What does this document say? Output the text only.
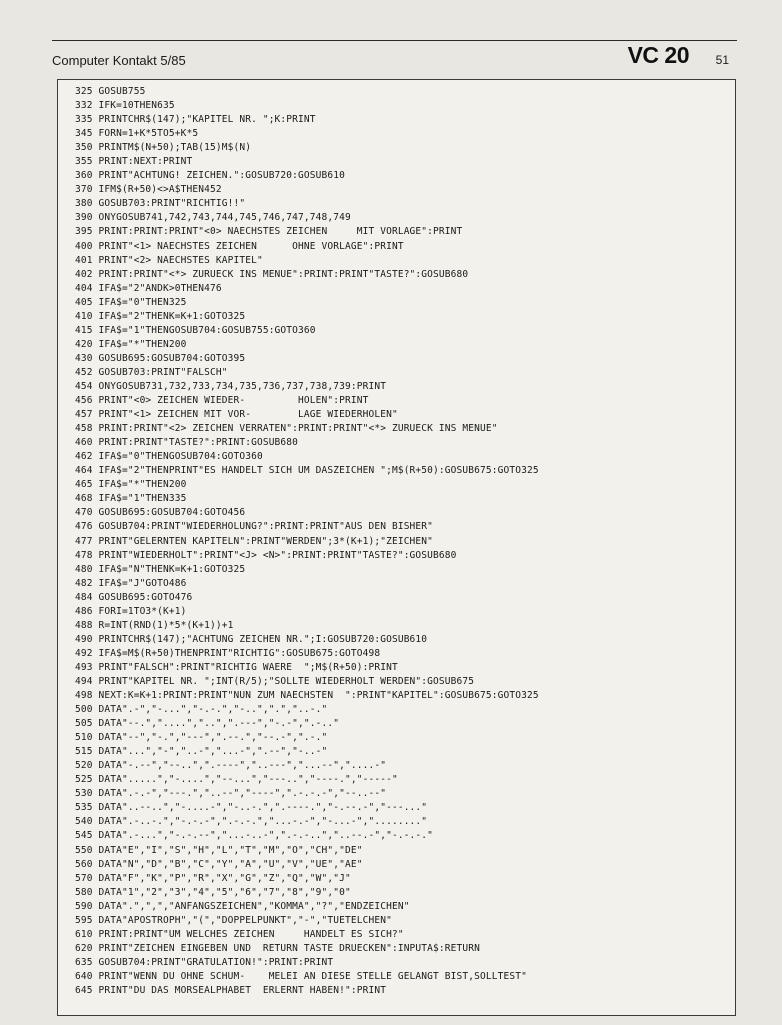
Computer Kontakt 5/85	VC 20 51
325 GOSUB755
332 IFK=10THEN635
335 PRINTCHR$(147);"KAPITEL NR. ";K:PRINT
345 FORN=1+K*5TO5+K*5
350 PRINTM$(N+50);TAB(15)M$(N)
355 PRINT:NEXT:PRINT
360 PRINT"ACHTUNG! ZEICHEN.":GOSUB720:GOSUB610
370 IFM$(R+50)<>A$THEN452
380 GOSUB703:PRINT"RICHTIG!!"
390 ONYGOSUB741,742,743,744,745,746,747,748,749
395 PRINT:PRINT:PRINT"<0> NAECHSTES ZEICHEN     MIT VORLAGE":PRINT
400 PRINT"<1> NAECHSTES ZEICHEN      OHNE VORLAGE":PRINT
401 PRINT"<2> NAECHSTES KAPITEL"
402 PRINT:PRINT"<*> ZURUECK INS MENUE":PRINT:PRINT"TASTE?":GOSUB680
404 IFA$="2"ANDK>0THEN476
405 IFA$="0"THEN325
410 IFA$="2"THENK=K+1:GOTO325
415 IFA$="1"THENGOSUB704:GOSUB755:GOTO360
420 IFA$="*"THEN200
430 GOSUB695:GOSUB704:GOTO395
452 GOSUB703:PRINT"FALSCH"
454 ONYGOSUB731,732,733,734,735,736,737,738,739:PRINT
456 PRINT"<0> ZEICHEN WIEDER-         HOLEN":PRINT
457 PRINT"<1> ZEICHEN MIT VOR-        LAGE WIEDERHOLEN"
458 PRINT:PRINT"<2> ZEICHEN VERRATEN":PRINT:PRINT"<*> ZURUECK INS MENUE"
460 PRINT:PRINT"TASTE?":PRINT:GOSUB680
462 IFA$="0"THENGOSUB704:GOTO360
464 IFA$="2"THENPRINT"ES HANDELT SICH UM DASZEICHEN ";M$(R+50):GOSUB675:GOTO325
465 IFA$="*"THEN200
468 IFA$="1"THEN335
470 GOSUB695:GOSUB704:GOTO456
476 GOSUB704:PRINT"WIEDERHOLUNG?":PRINT:PRINT"AUS DEN BISHER"
477 PRINT"GELERNTEN KAPITELN":PRINT"WERDEN";3*(K+1);"ZEICHEN"
478 PRINT"WIEDERHOLT":PRINT"<J> <N>":PRINT:PRINT"TASTE?":GOSUB680
480 IFA$="N"THENK=K+1:GOTO325
482 IFA$="J"GOTO486
484 GOSUB695:GOTO476
486 FORI=1TO3*(K+1)
488 R=INT(RND(1)*5*(K+1))+1
490 PRINTCHR$(147);"ACHTUNG ZEICHEN NR.";I:GOSUB720:GOSUB610
492 IFA$=M$(R+50)THENPRINT"RICHTIG":GOSUB675:GOTO498
493 PRINT"FALSCH":PRINT"RICHTIG WAERE  ";M$(R+50):PRINT
494 PRINT"KAPITEL NR. ";INT(R/5);"SOLLTE WIEDERHOLT WERDEN":GOSUB675
498 NEXT:K=K+1:PRINT:PRINT"NUN ZUM NAECHSTEN  ":PRINT"KAPITEL":GOSUB675:GOTO325
500 DATA".-","-...","-.-.","-..",".","..-."
505 DATA"--.","....","..",".---","-.-",".-.."
510 DATA"--","-.","---",".--.","--.-",".-."
515 DATA"...","-","..-","...-",".--","-..-"
520 DATA"-.--","--..",".----","..---","...--","....-"
525 DATA".....","-....","--...","---..","----.","-----"
530 DATA".-.-","---.","..--","----",".-.-.-","--..--"
535 DATA"..--..","-....-","-..-.",".----.","-.--.-","---..."
540 DATA".-..-.","-.-.-",".-.-.","...-.-","-...-","........"
545 DATA".-...","-.-.--","...-..-",".-.-..","..--.-","-.-.-."
550 DATA"E","I","S","H","L","T","M","O","CH","DE"
560 DATA"N","D","B","C","Y","A","U","V","UE","AE"
570 DATA"F","K","P","R","X","G","Z","Q","W","J"
580 DATA"1","2","3","4","5","6","7","8","9","0"
590 DATA".",",","ANFANGSZEICHEN","KOMMA","?","ENDZEICHEN"
595 DATA"APOSTROPH","(","DOPPELPUNKT","-","TUETELCHEN"
610 PRINT:PRINT"UM WELCHES ZEICHEN     HANDELT ES SICH?"
620 PRINT"ZEICHEN EINGEBEN UND  RETURN TASTE DRUECKEN":INPUTA$:RETURN
635 GOSUB704:PRINT"GRATULATION!":PRINT:PRINT
640 PRINT"WENN DU OHNE SCHUM-    MELEI AN DIESE STELLE GELANGT BIST,SOLLTEST"
645 PRINT"DU DAS MORSEALPHABET  ERLERNT HABEN!":PRINT
